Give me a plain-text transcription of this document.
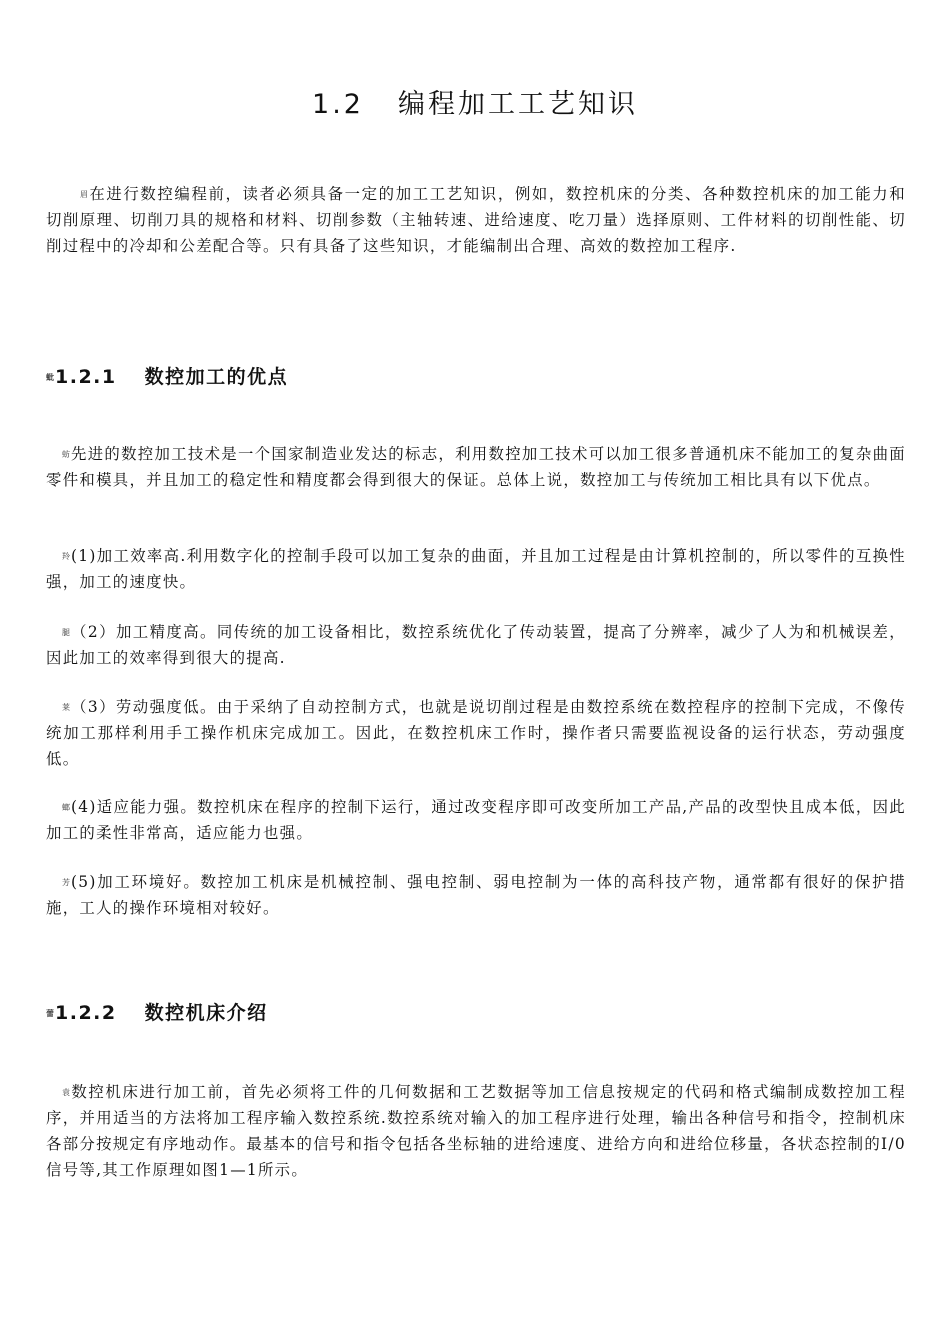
1.2 编程加工工艺知识

眉在进行数控编程前，读者必须具备一定的加工工艺知识，例如，数控机床的分类、各种数控机床的加工能力和切削原理、切削刀具的规格和材料、切削参数（主轴转速、进给速度、吃刀量）选择原则、工件材料的切削性能、切削过程中的冷却和公差配合等。只有具备了这些知识，才能编制出合理、高效的数控加工程序.

蚍1.2.1 数控加工的优点

蚄先进的数控加工技术是一个国家制造业发达的标志，利用数控加工技术可以加工很多普通机床不能加工的复杂曲面零件和模具，并且加工的稳定性和精度都会得到很大的保证。总体上说，数控加工与传统加工相比具有以下优点。

羚(1)加工效率高.利用数字化的控制手段可以加工复杂的曲面，并且加工过程是由计算机控制的，所以零件的互换性强，加工的速度快。

腿（2）加工精度高。同传统的加工设备相比，数控系统优化了传动装置，提高了分辨率，减少了人为和机械误差，因此加工的效率得到很大的提高.

莱（3）劳动强度低。由于采纳了自动控制方式，也就是说切削过程是由数控系统在数控程序的控制下完成，不像传统加工那样利用手工操作机床完成加工。因此，在数控机床工作时，操作者只需要监视设备的运行状态，劳动强度低。

螂(4)适应能力强。数控机床在程序的控制下运行，通过改变程序即可改变所加工产品,产品的改型快且成本低，因此加工的柔性非常高，适应能力也强。

芳(5)加工环境好。数控加工机床是机械控制、强电控制、弱电控制为一体的高科技产物，通常都有很好的保护措施，工人的操作环境相对较好。

蕾1.2.2 数控机床介绍

袁数控机床进行加工前，首先必须将工件的几何数据和工艺数据等加工信息按规定的代码和格式编制成数控加工程序，并用适当的方法将加工程序输入数控系统.数控系统对输入的加工程序进行处理，输出各种信号和指令，控制机床各部分按规定有序地动作。最基本的信号和指令包括各坐标轴的进给速度、进给方向和进给位移量，各状态控制的I/0信号等,其工作原理如图1—1所示。
